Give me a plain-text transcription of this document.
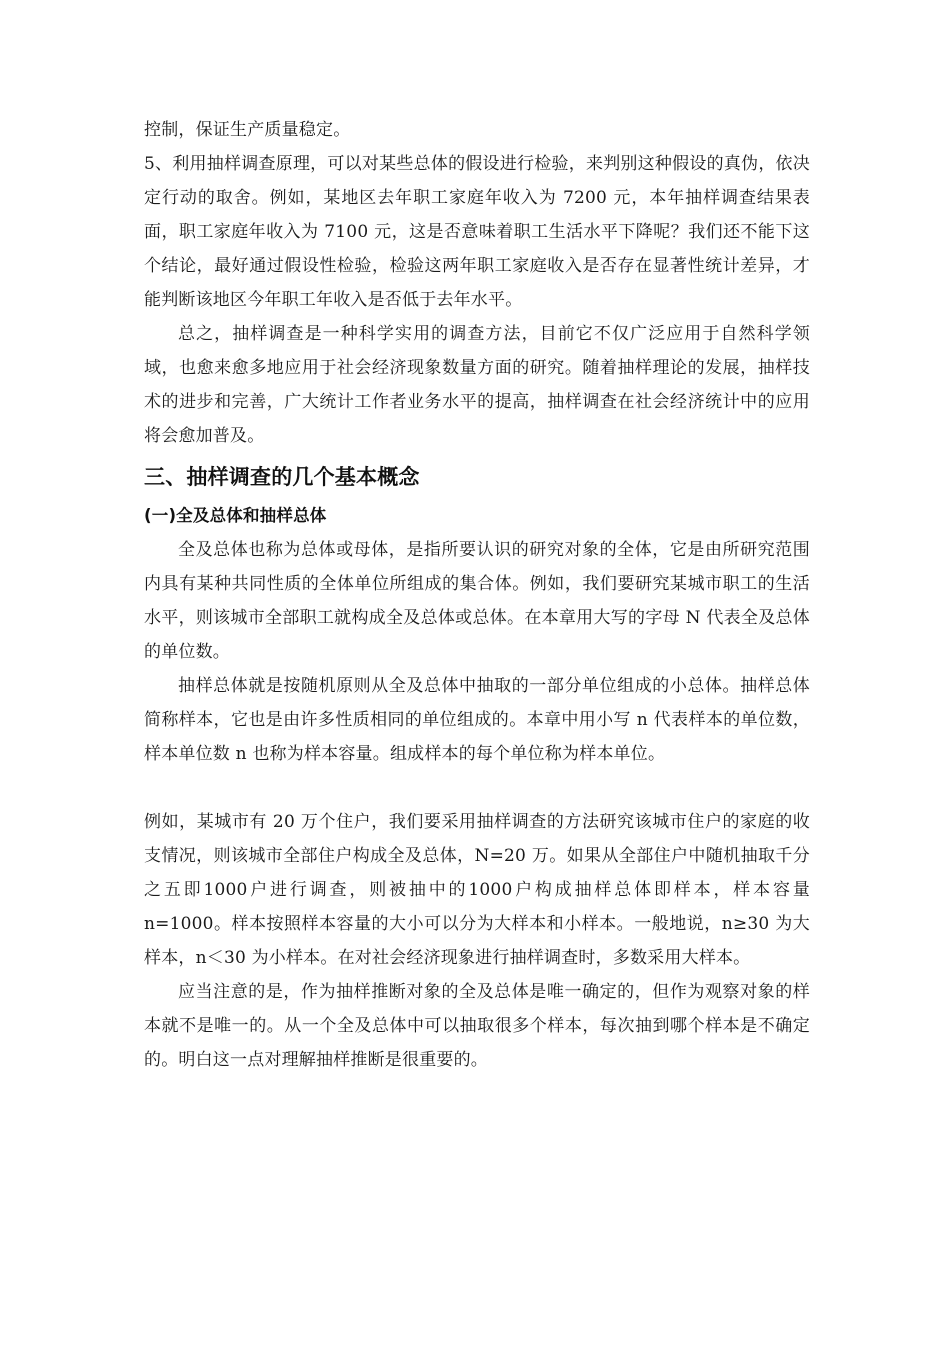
控制，保证生产质量稳定。

5、利用抽样调查原理，可以对某些总体的假设进行检验，来判别这种假设的真伪，依决定行动的取舍。例如，某地区去年职工家庭年收入为 7200 元，本年抽样调查结果表面，职工家庭年收入为 7100 元，这是否意味着职工生活水平下降呢？我们还不能下这个结论，最好通过假设性检验，检验这两年职工家庭收入是否存在显著性统计差异，才能判断该地区今年职工年收入是否低于去年水平。

总之，抽样调查是一种科学实用的调查方法，目前它不仅广泛应用于自然科学领域，也愈来愈多地应用于社会经济现象数量方面的研究。随着抽样理论的发展，抽样技术的进步和完善，广大统计工作者业务水平的提高，抽样调查在社会经济统计中的应用将会愈加普及。

三、抽样调查的几个基本概念
(一)全及总体和抽样总体

全及总体也称为总体或母体，是指所要认识的研究对象的全体，它是由所研究范围内具有某种共同性质的全体单位所组成的集合体。例如，我们要研究某城市职工的生活水平，则该城市全部职工就构成全及总体或总体。在本章用大写的字母 N 代表全及总体的单位数。

抽样总体就是按随机原则从全及总体中抽取的一部分单位组成的小总体。抽样总体简称样本，它也是由许多性质相同的单位组成的。本章中用小写 n 代表样本的单位数，样本单位数 n 也称为样本容量。组成样本的每个单位称为样本单位。

例如，某城市有 20 万个住户，我们要采用抽样调查的方法研究该城市住户的家庭的收支情况，则该城市全部住户构成全及总体，N=20 万。如果从全部住户中随机抽取千分之五即1000户进行调查，则被抽中的1000户构成抽样总体即样本，样本容量 n=1000。样本按照样本容量的大小可以分为大样本和小样本。一般地说，n≥30 为大样本，n＜30 为小样本。在对社会经济现象进行抽样调查时，多数采用大样本。

应当注意的是，作为抽样推断对象的全及总体是唯一确定的，但作为观察对象的样本就不是唯一的。从一个全及总体中可以抽取很多个样本，每次抽到哪个样本是不确定的。明白这一点对理解抽样推断是很重要的。
